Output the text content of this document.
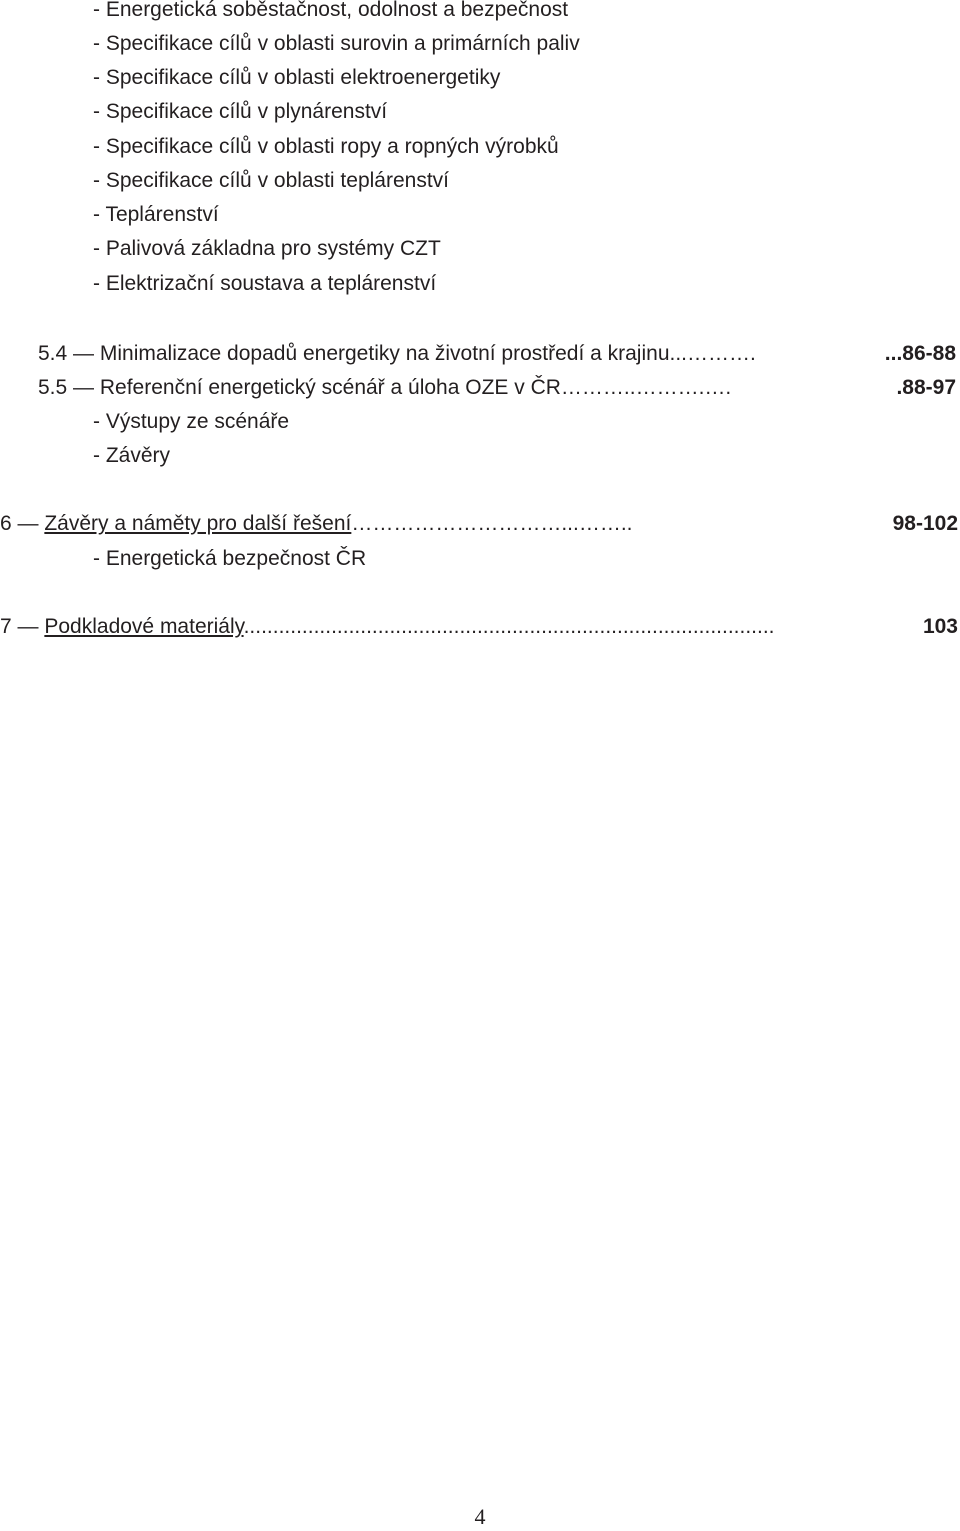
- Energetická soběstačnost, odolnost a bezpečnost
- Specifikace cílů v oblasti surovin a primárních paliv
- Specifikace cílů v oblasti elektroenergetiky
- Specifikace cílů v plynárenství
- Specifikace cílů v oblasti ropy a ropných výrobků
- Specifikace cílů v oblasti teplárenství
- Teplárenství
- Palivová základna pro systémy CZT
- Elektrizační soustava a teplárenství
5.4 — Minimalizace dopadů energetiky na životní prostředí a krajinu...……….	...86-88
5.5 — Referenční energetický scénář a úloha OZE v ČR………..……….….	.88-97
- Výstupy ze scénáře
- Závěry
6 — Závěry a náměty pro další řešení…………………………...……..	98-102
- Energetická bezpečnost ČR
7 — Podkladové materiály...........................................................................................	103
4
